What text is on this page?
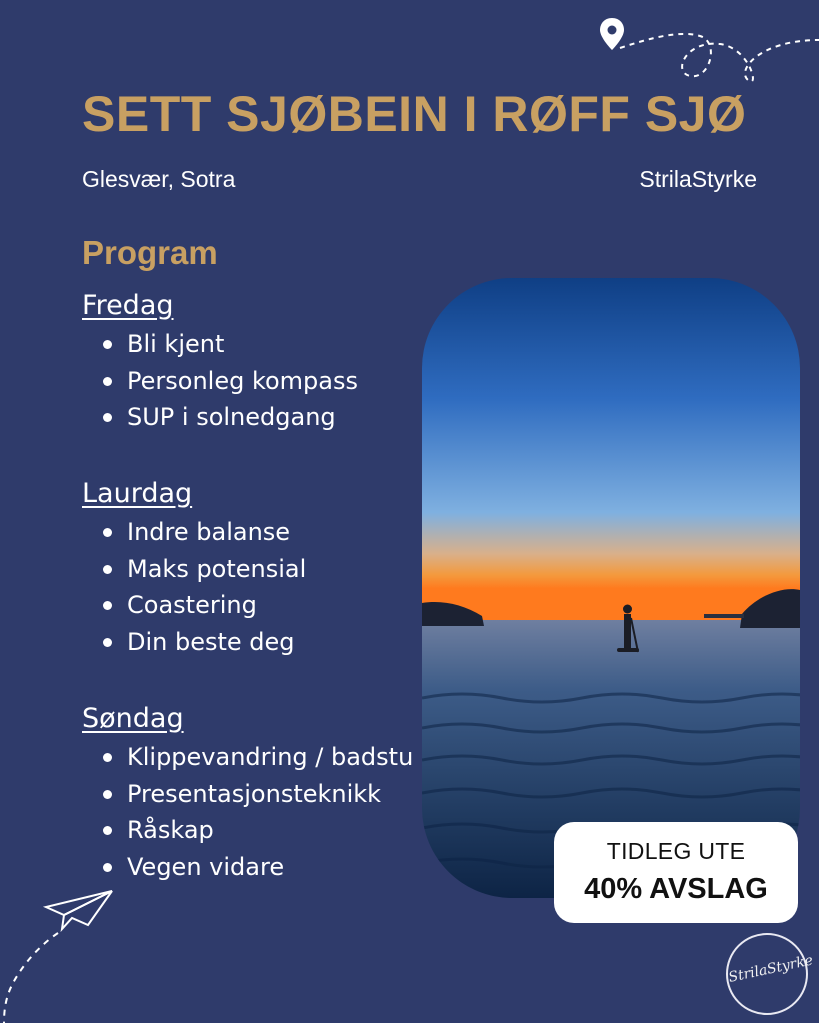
SETT SJØBEIN I RØFF SJØ
Glesvær, Sotra	StrilaStyrke
Program
Fredag
Bli kjent
Personleg kompass
SUP i solnedgang
Laurdag
Indre balanse
Maks potensial
Coastering
Din beste deg
Søndag
Klippevandring / badstu
Presentasjonsteknikk
Råskap
Vegen vidare
TIDLEG UTE
40% AVSLAG
StrilaStyrke
